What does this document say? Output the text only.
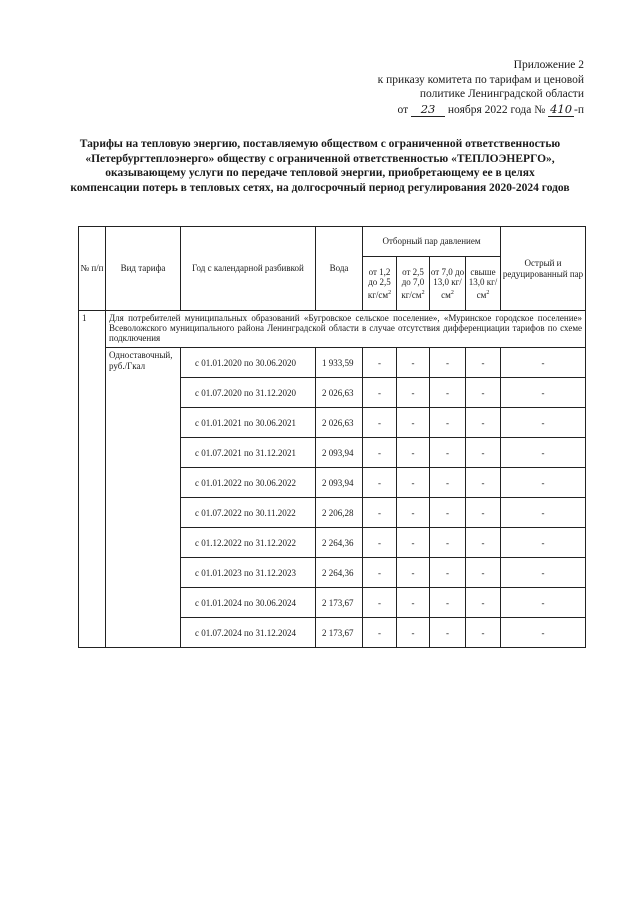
Приложение 2
к приказу комитета по тарифам и ценовой
политике Ленинградской области
от 23 ноября 2022 года № 410 -п
Тарифы на тепловую энергию, поставляемую обществом с ограниченной ответственностью «Петербургтеплоэнерго» обществу с ограниченной ответственностью «ТЕПЛОЭНЕРГО», оказывающему услуги по передаче тепловой энергии, приобретающему ее в целях компенсации потерь в тепловых сетях, на долгосрочный период регулирования 2020-2024 годов
№ п/п	Вид тарифа	Год с календарной разбивкой	Вода	Отборный пар давлением				Острый и редуцированный пар
				от 1,2 до 2,5 $кг/см^2$	от 2,5 до 7,0 $кг/см^2$	от 7,0 до 13,0 $кг/см^2$	свыше 13,0 $кг/см^2$
1	Для потребителей муниципальных образований «Бугровское сельское поселение», «Муринское городское поселение» Всеволожского муниципального района Ленинградской области в случае отсутствия дифференциации тарифов по схеме подключения							
	Одноставочный, руб./Гкал	с 01.01.2020 по 30.06.2020	1 933,59	-	-	-	-	-
		с 01.07.2020 по 31.12.2020	2 026,63	-	-	-	-	-
		с 01.01.2021 по 30.06.2021	2 026,63	-	-	-	-	-
		с 01.07.2021 по 31.12.2021	2 093,94	-	-	-	-	-
		с 01.01.2022 по 30.06.2022	2 093,94	-	-	-	-	-
		с 01.07.2022 по 30.11.2022	2 206,28	-	-	-	-	-
		с 01.12.2022 по 31.12.2022	2 264,36	-	-	-	-	-
		с 01.01.2023 по 31.12.2023	2 264,36	-	-	-	-	-
		с 01.01.2024 по 30.06.2024	2 173,67	-	-	-	-	-
		с 01.07.2024 по 31.12.2024	2 173,67	-	-	-	-	-
